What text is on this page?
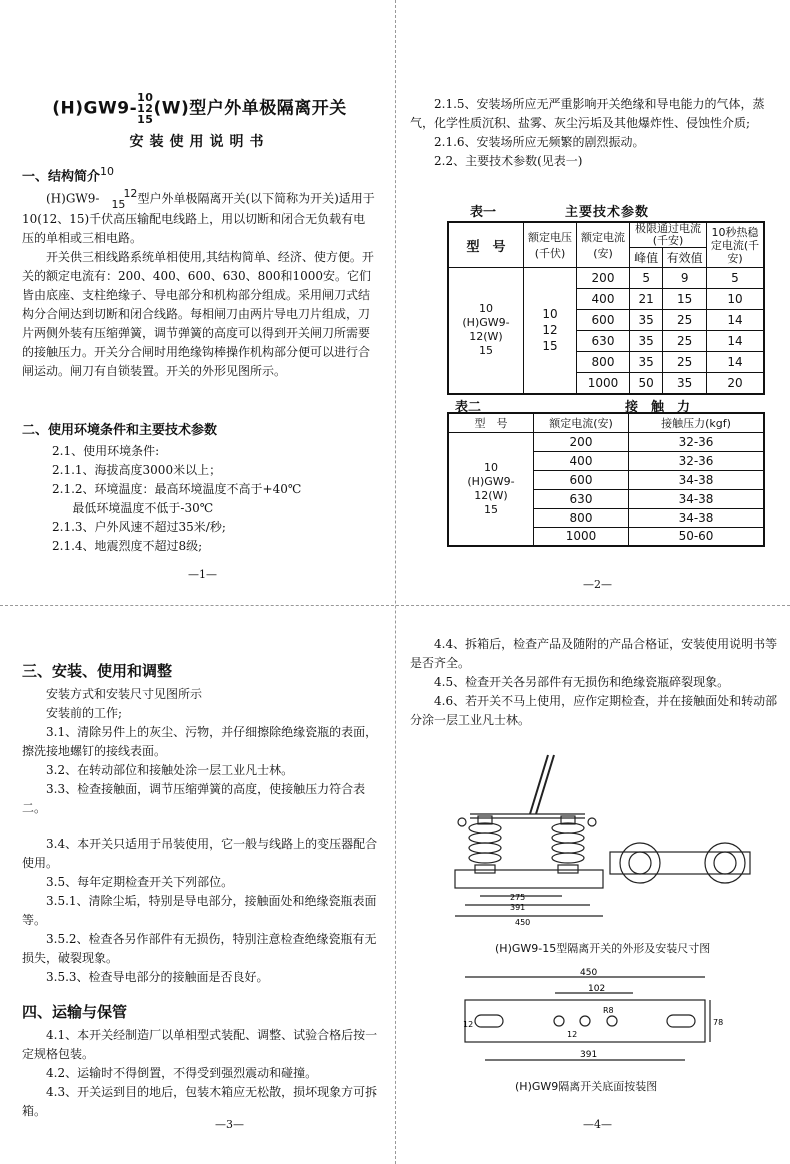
(H)GW9-10
12
15(W)型户外单极隔离开关
安装使用说明书
一、结构简介$^{10}$

(H)GW9- 12
15 型户外单极隔离开关(以下简称为开关)适用于10(12、15)千伏高压输配电线路上，用以切断和闭合无负载有电压的单相或三相电路。

开关供三相线路系统单相使用,其结构简单、经济、使方便。开关的额定电流有：200、400、600、630、800和1000安。它们皆由底座、支柱绝缘子、导电部分和机构部分组成。采用闸刀式结构分合闸达到切断和闭合线路。每相闸刀由两片导电刀片组成，刀片两侧外装有压缩弹簧，调节弹簧的高度可以得到开关闸刀所需要的接触压力。开关分合闸时用绝缘钩棒操作机构部分便可以进行合闸运动。闸刀有自锁装置。开关的外形见图所示。

二、使用环境条件和主要技术参数

2.1、使用环境条件:

2.1.1、海拔高度3000米以上；

2.1.2、环境温度：最高环境温度不高于+40℃

最低环境温度不低于-30℃

2.1.3、户外风速不超过35米/秒;

2.1.4、地震烈度不超过8级;

—1—

2.1.5、安装场所应无严重影响开关绝缘和导电能力的气体，蒸气，化学性质沉积、盐雾、灰尘污垢及其他爆炸性、侵蚀性介质;

2.1.6、安装场所应无频繁的剧烈振动。

2.2、主要技术参数(见表一)

表一	主要技术参数
型　号	额定电压(千伏)	额定电流(安)	极限通过电流(千安)		10秒热稳定电流(千安)
			峰值	有效值	
10
(H)GW9-12(W)
15	10
12
15	200	5	9	5
		400	21	15	10
		600	35	25	14
		630	35	25	14
		800	35	25	14
		1000	50	35	20
表二	接　触　力
型　号	额定电流(安)	接触压力(kgf)
10
(H)GW9-12(W)
15	200	32-36
	400	32-36
	600	34-38
	630	34-38
	800	34-38
	1000	50-60
—2—
三、安装、使用和调整

安装方式和安装尺寸见图所示

安装前的工作;

3.1、清除另件上的灰尘、污物，并仔细擦除绝缘瓷瓶的表面，擦洗接地螺钉的接线表面。

3.2、在转动部位和接触处涂一层工业凡士林。

3.3、检查接触面，调节压缩弹簧的高度，使接触压力符合表二。

3.4、本开关只适用于吊装使用，它一般与线路上的变压器配合使用。

3.5、每年定期检查开关下列部位。

3.5.1、清除尘垢，特别是导电部分，接触面处和绝缘瓷瓶表面等。

3.5.2、检查各另作部件有无损伤，特别注意检查绝缘瓷瓶有无损失，破裂现象。

3.5.3、检查导电部分的接触面是否良好。

四、运输与保管

4.1、本开关经制造厂以单相型式装配、调整、试验合格后按一定规格包装。

4.2、运输时不得倒置，不得受到强烈震动和碰撞。

4.3、开关运到目的地后，包装木箱应无松散，损坏现象方可拆箱。

—3—

4.4、拆箱后，检查产品及随附的产品合格证，安装使用说明书等是否齐全。

4.5、检查开关各另部件有无损伤和绝缘瓷瓶碎裂现象。

4.6、若开关不马上使用，应作定期检查，并在接触面处和转动部分涂一层工业凡士林。

275
391
450
(H)GW9-15型隔离开关的外形及安装尺寸图
450
102
R8
12
12
78
391
(H)GW9隔离开关底面按装图
—4—
